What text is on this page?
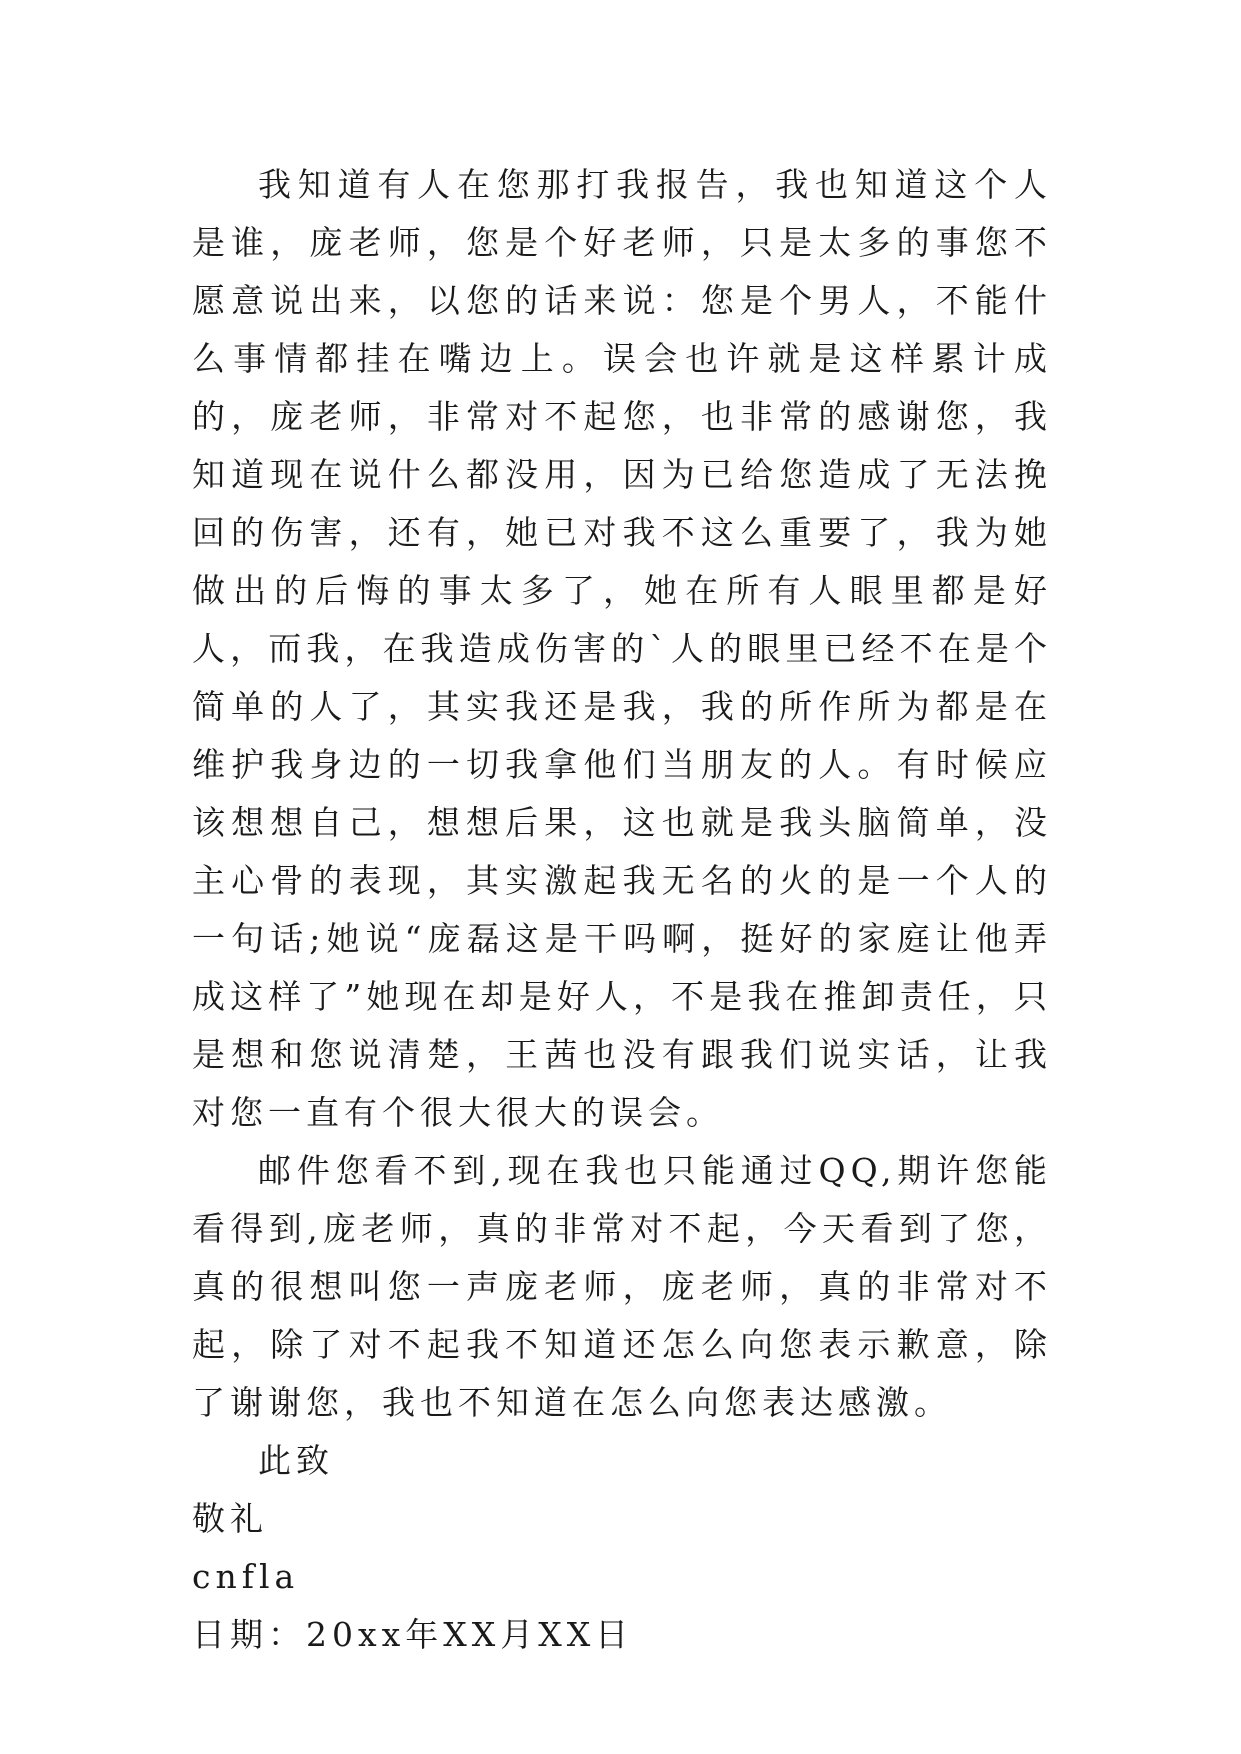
我知道有人在您那打我报告，我也知道这个人是谁，庞老师，您是个好老师，只是太多的事您不愿意说出来，以您的话来说：您是个男人，不能什么事情都挂在嘴边上。误会也许就是这样累计成的，庞老师，非常对不起您，也非常的感谢您，我知道现在说什么都没用，因为已给您造成了无法挽回的伤害，还有，她已对我不这么重要了，我为她做出的后悔的事太多了，她在所有人眼里都是好人，而我，在我造成伤害的`人的眼里已经不在是个简单的人了，其实我还是我，我的所作所为都是在维护我身边的一切我拿他们当朋友的人。有时候应该想想自己，想想后果，这也就是我头脑简单，没主心骨的表现，其实激起我无名的火的是一个人的一句话;她说“庞磊这是干吗啊，挺好的家庭让他弄成这样了”她现在却是好人，不是我在推卸责任，只是想和您说清楚，王茜也没有跟我们说实话，让我对您一直有个很大很大的误会。

邮件您看不到,现在我也只能通过QQ,期许您能看得到,庞老师，真的非常对不起，今天看到了您，真的很想叫您一声庞老师，庞老师，真的非常对不起，除了对不起我不知道还怎么向您表示歉意，除了谢谢您，我也不知道在怎么向您表达感激。

此致

敬礼

cnfla

日期：20xx年XX月XX日
